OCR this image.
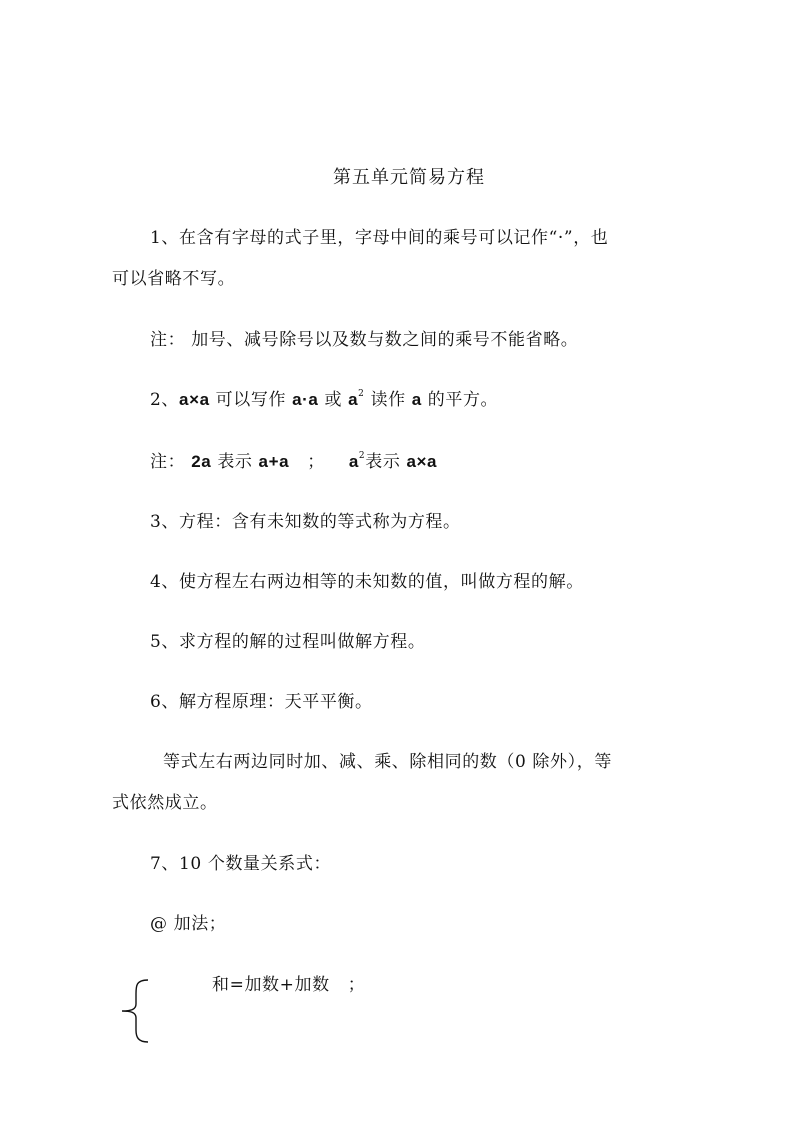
第五单元简易方程
1、在含有字母的式子里，字母中间的乘号可以记作“·”，也
可以省略不写。
注： 加号、减号除号以及数与数之间的乘号不能省略。
2、a×a 可以写作 a·a 或 $a^2$ 读作 a 的平方。
注： 2a 表示 a+a   ；    $a^2$表示 a×a
3、方程：含有未知数的等式称为方程。
4、使方程左右两边相等的未知数的值，叫做方程的解。
5、求方程的解的过程叫做解方程。
6、解方程原理：天平平衡。
等式左右两边同时加、减、乘、除相同的数（0 除外），等
式依然成立。
7、10 个数量关系式：
@ 加法；
和=加数+加数   ；
